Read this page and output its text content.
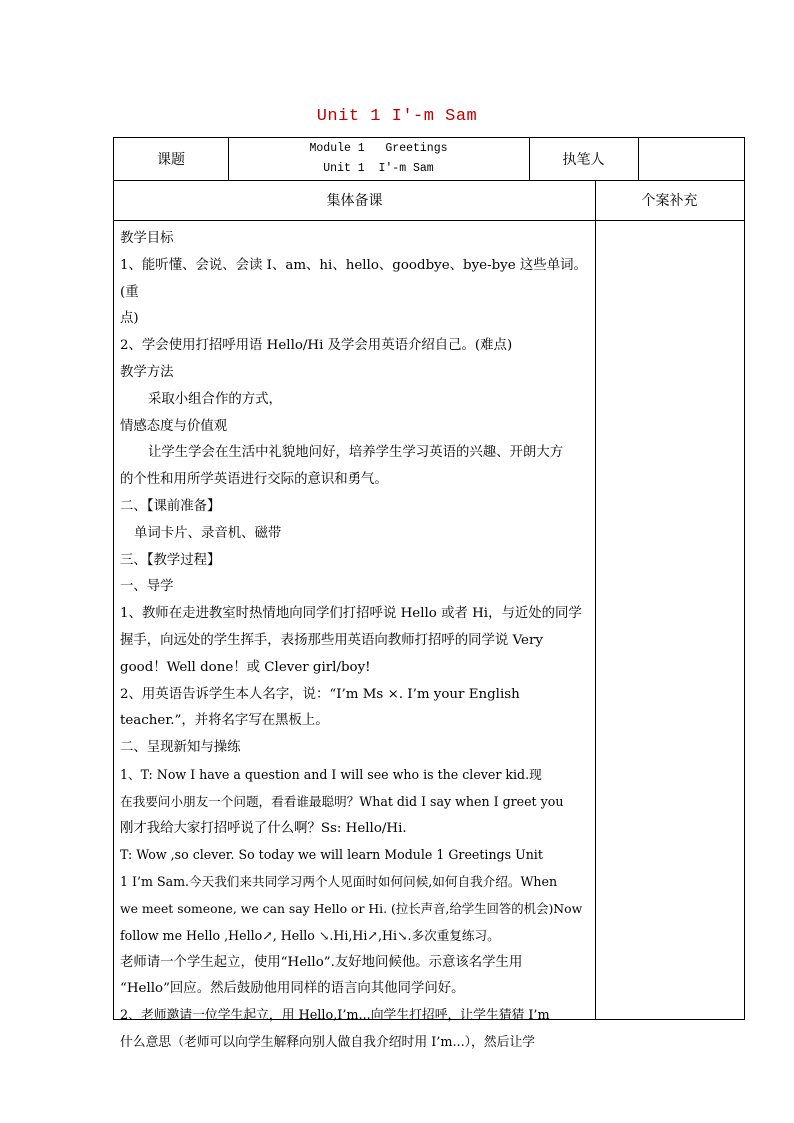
Unit 1 I'-m Sam
课题
Module 1   Greetings
Unit 1  I'-m Sam
执笔人
集体备课	个案补充

教学目标

1、能听懂、会说、会读 I、am、hi、hello、goodbye、bye-bye 这些单词。(重

点)

2、学会使用打招呼用语 Hello/Hi 及学会用英语介绍自己。(难点)

教学方法

采取小组合作的方式，

情感态度与价值观

让学生学会在生活中礼貌地问好，培养学生学习英语的兴趣、开朗大方

的个性和用所学英语进行交际的意识和勇气。

二、【课前准备】

单词卡片、录音机、磁带

三、【教学过程】

一、导学

1、教师在走进教室时热情地向同学们打招呼说 Hello 或者 Hi，与近处的同学

握手，向远处的学生挥手，表扬那些用英语向教师打招呼的同学说 Very

good！Well done！或 Clever girl/boy!

2、用英语告诉学生本人名字，说：“I’m Ms ×. I’m your English

teacher.”，并将名字写在黑板上。

二、呈现新知与操练

1、T: Now I have a question and I will see who is the clever kid.现

在我要问小朋友一个问题，看看谁最聪明？What did I say when I greet you

刚才我给大家打招呼说了什么啊？Ss: Hello/Hi.

T: Wow ,so clever. So today we will learn Module 1 Greetings Unit

1 I’m Sam.今天我们来共同学习两个人见面时如何问候,如何自我介绍。When

we meet someone, we can say Hello or Hi. (拉长声音,给学生回答的机会)Now

follow me Hello ,Hello↗, Hello ↘.Hi,Hi↗,Hi↘.多次重复练习。

老师请一个学生起立，使用“Hello”.友好地问候他。示意该名学生用

“Hello”回应。然后鼓励他用同样的语言向其他同学问好。

2、老师邀请一位学生起立，用 Hello,I’m...向学生打招呼，让学生猜猜 I’m

什么意思（老师可以向学生解释向别人做自我介绍时用 I’m...），然后让学
